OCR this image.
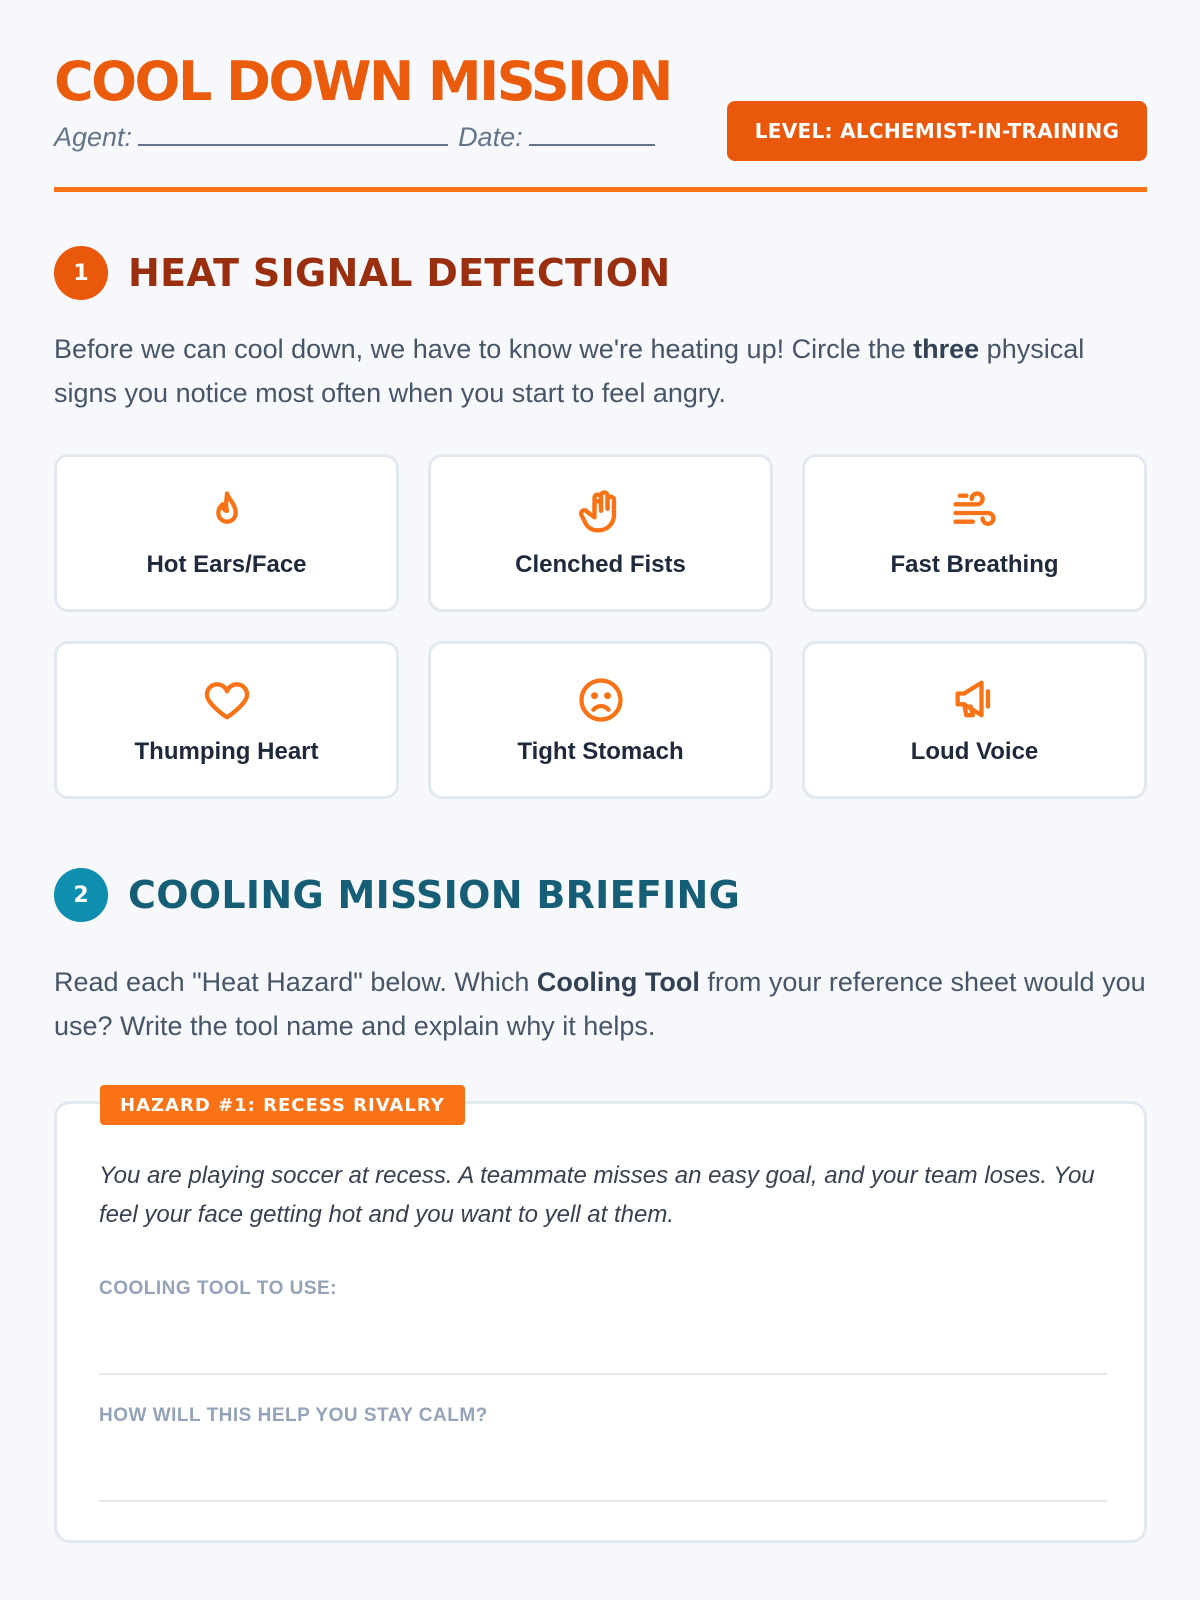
COOL DOWN MISSION
Agent:	Date:	LEVEL: ALCHEMIST-IN-TRAINING
1	HEAT SIGNAL DETECTION

Before we can cool down, we have to know we're heating up! Circle the three physical signs you notice most often when you start to feel angry.

Hot Ears/Face	Clenched Fists	Fast Breathing
Thumping Heart	Tight Stomach	Loud Voice
2	COOLING MISSION BRIEFING

Read each "Heat Hazard" below. Which Cooling Tool from your reference sheet would you use? Write the tool name and explain why it helps.

HAZARD #1: RECESS RIVALRY
You are playing soccer at recess. A teammate misses an easy goal, and your team loses. You feel your face getting hot and you want to yell at them.
COOLING TOOL TO USE:
HOW WILL THIS HELP YOU STAY CALM?
